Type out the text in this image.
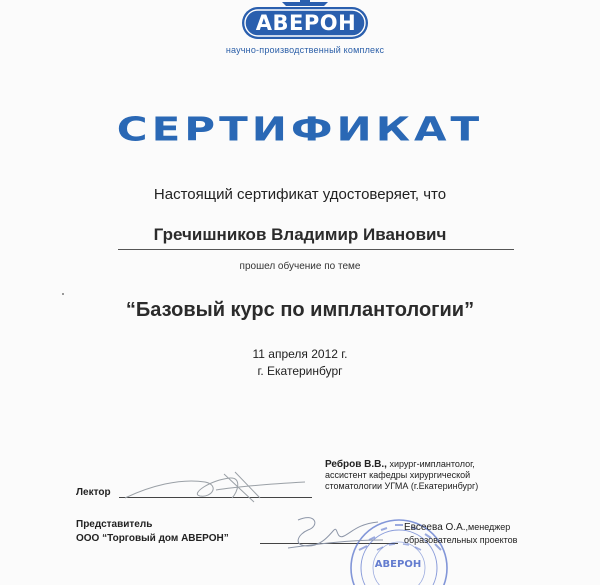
АВЕРОН
научно-производственный комплекс
СЕРТИФИКАТ
Настоящий сертификат удостоверяет, что
Гречишников Владимир Иванович
прошел обучение по теме
“Базовый курс по имплантологии”
11 апреля 2012 г.
г. Екатеринбург
Ребров В.В., хирург-имплантолог,
ассистент кафедры хирургической
стоматологии УГМА (г.Екатеринбург)
Лектор
Представитель
ООО “Торговый дом АВЕРОН”
АВЕРОН
Евсеева О.А.,менеджер
образовательных проектов
